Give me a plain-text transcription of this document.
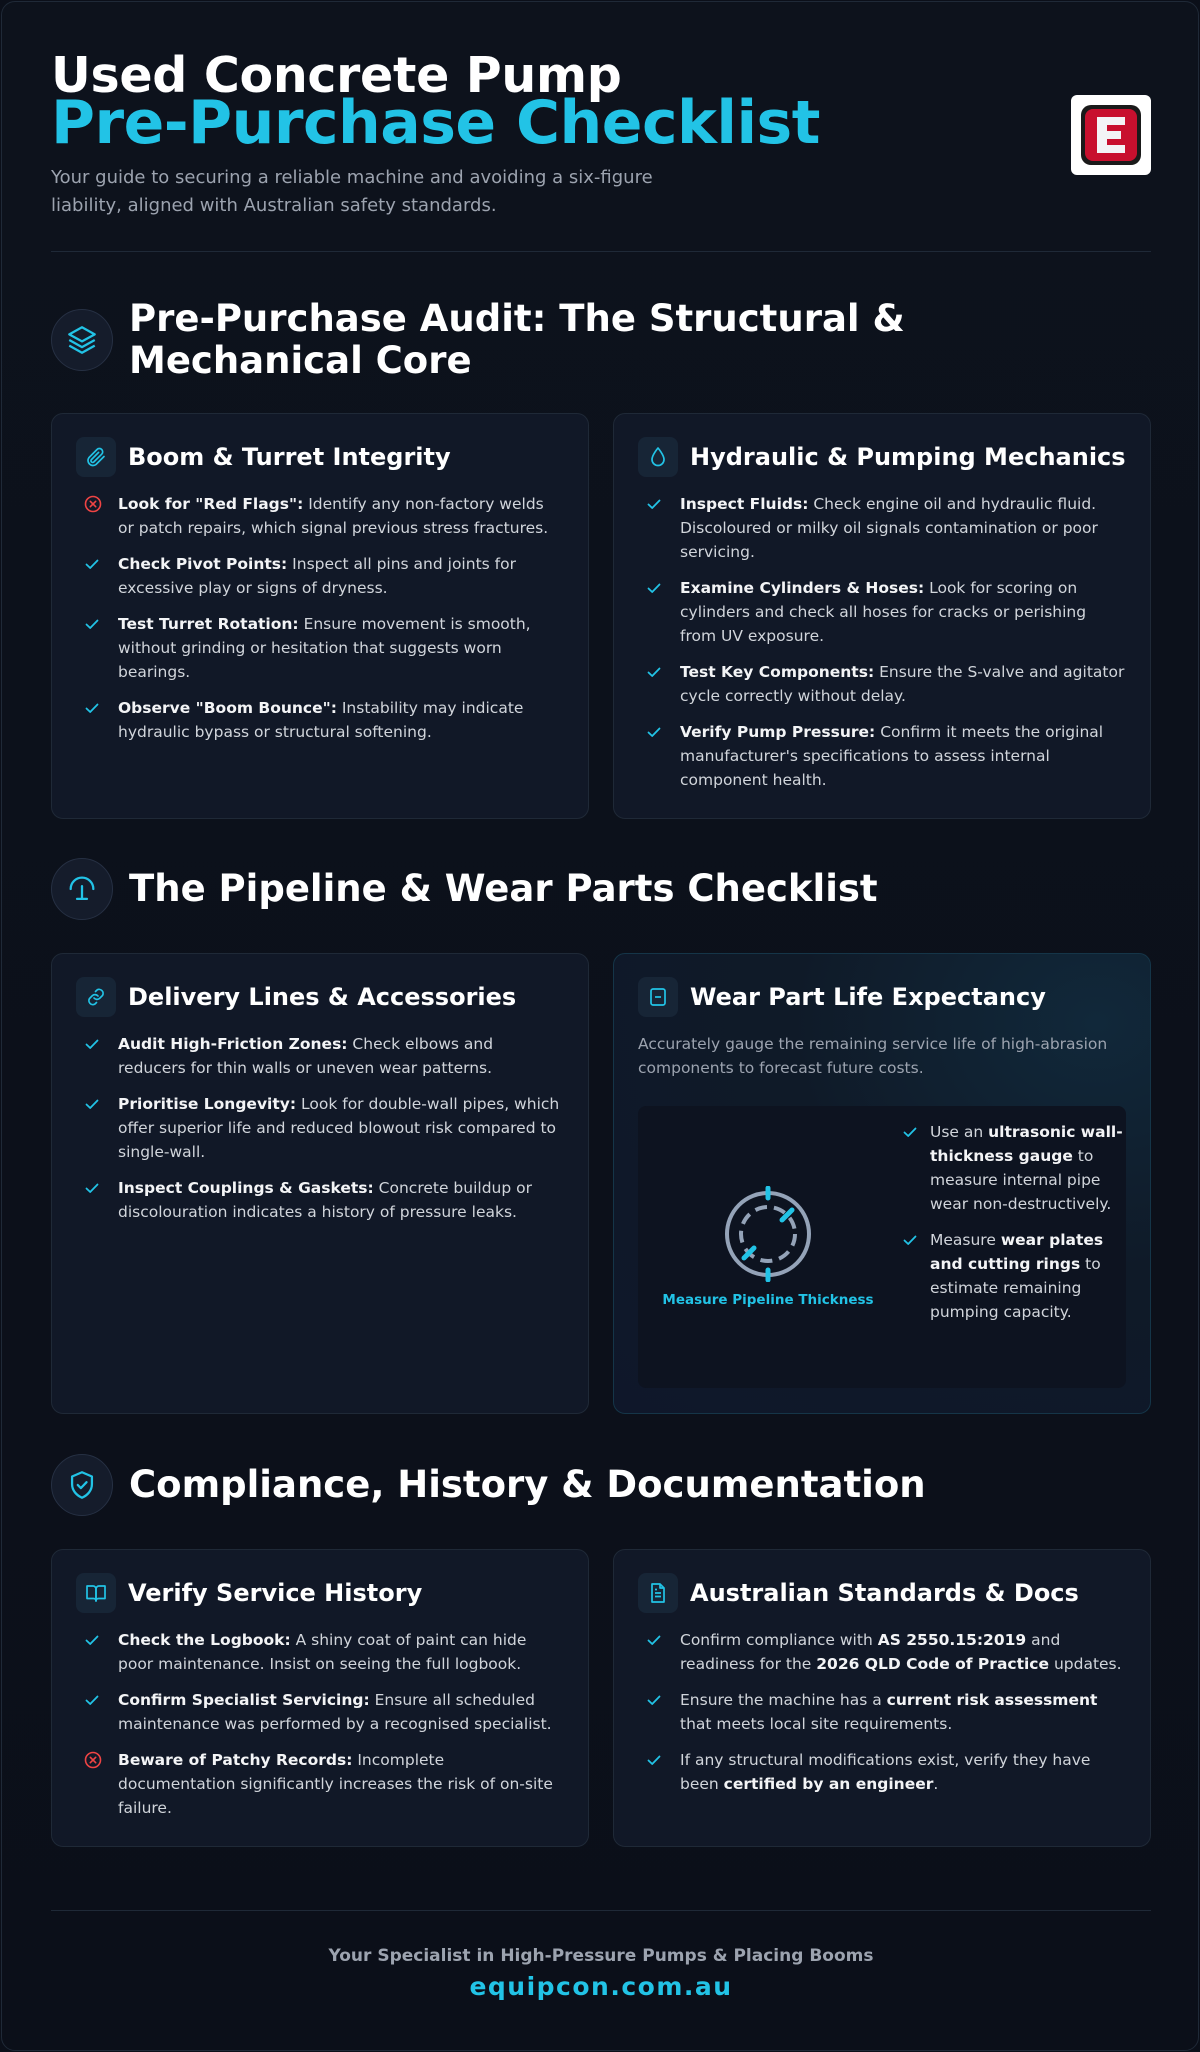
Used Concrete Pump
Pre-Purchase Checklist
Your guide to securing a reliable machine and avoiding a six-figure liability, aligned with Australian safety standards.
Pre-Purchase Audit: The Structural & Mechanical Core
Boom & Turret Integrity
Look for "Red Flags": Identify any non-factory welds or patch repairs, which signal previous stress fractures.
Check Pivot Points: Inspect all pins and joints for excessive play or signs of dryness.
Test Turret Rotation: Ensure movement is smooth, without grinding or hesitation that suggests worn bearings.
Observe "Boom Bounce": Instability may indicate hydraulic bypass or structural softening.
Hydraulic & Pumping Mechanics
Inspect Fluids: Check engine oil and hydraulic fluid. Discoloured or milky oil signals contamination or poor servicing.
Examine Cylinders & Hoses: Look for scoring on cylinders and check all hoses for cracks or perishing from UV exposure.
Test Key Components: Ensure the S-valve and agitator cycle correctly without delay.
Verify Pump Pressure: Confirm it meets the original manufacturer's specifications to assess internal component health.
The Pipeline & Wear Parts Checklist
Delivery Lines & Accessories
Audit High-Friction Zones: Check elbows and reducers for thin walls or uneven wear patterns.
Prioritise Longevity: Look for double-wall pipes, which offer superior life and reduced blowout risk compared to single-wall.
Inspect Couplings & Gaskets: Concrete buildup or discolouration indicates a history of pressure leaks.
Wear Part Life Expectancy
Accurately gauge the remaining service life of high-abrasion components to forecast future costs.
Measure Pipeline Thickness
Use an ultrasonic wall-thickness gauge to measure internal pipe wear non-destructively.
Measure wear plates and cutting rings to estimate remaining pumping capacity.
Compliance, History & Documentation
Verify Service History
Check the Logbook: A shiny coat of paint can hide poor maintenance. Insist on seeing the full logbook.
Confirm Specialist Servicing: Ensure all scheduled maintenance was performed by a recognised specialist.
Beware of Patchy Records: Incomplete documentation significantly increases the risk of on-site failure.
Australian Standards & Docs
Confirm compliance with AS 2550.15:2019 and readiness for the 2026 QLD Code of Practice updates.
Ensure the machine has a current risk assessment that meets local site requirements.
If any structural modifications exist, verify they have been certified by an engineer.
Your Specialist in High-Pressure Pumps & Placing Booms
equipcon.com.au
